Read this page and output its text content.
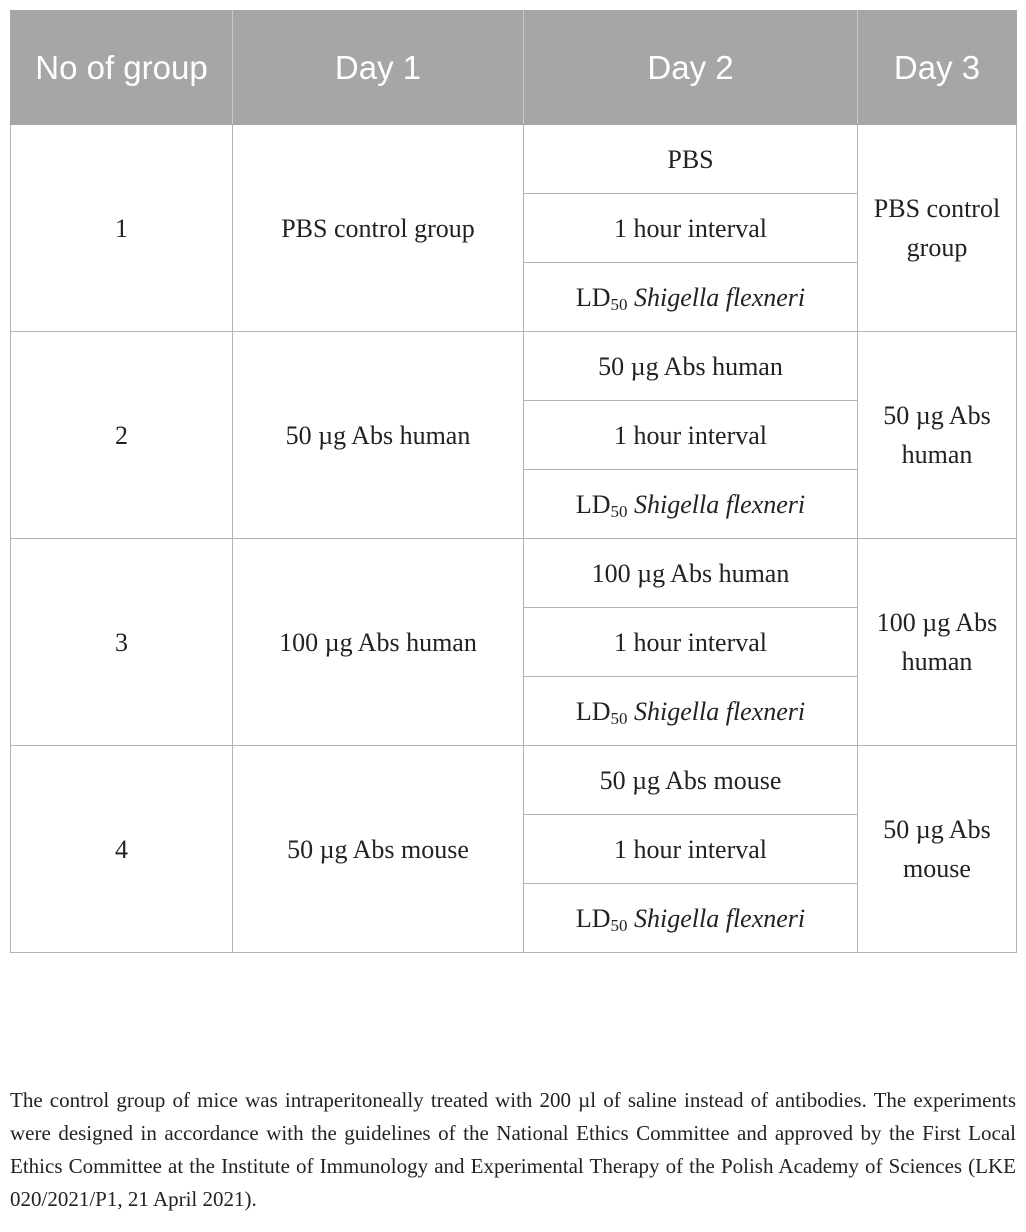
No of group	Day 1	Day 2	Day 3
1	PBS control group	PBS	PBS control group
		1 hour interval	
		$LD_{50}$ Shigella flexneri	
2	50 µg Abs human	50 µg Abs human	50 µg Abs human
		1 hour interval	
		$LD_{50}$ Shigella flexneri	
3	100 µg Abs human	100 µg Abs human	100 µg Abs human
		1 hour interval	
		$LD_{50}$ Shigella flexneri	
4	50 µg Abs mouse	50 µg Abs mouse	50 µg Abs mouse
		1 hour interval	
		$LD_{50}$ Shigella flexneri	

The control group of mice was intraperitoneally treated with 200 µl of saline instead of antibodies. The experiments were designed in accordance with the guidelines of the National Ethics Committee and approved by the First Local Ethics Committee at the Institute of Immunology and Experimental Therapy of the Polish Academy of Sciences (LKE 020/2021/P1, 21 April 2021).
